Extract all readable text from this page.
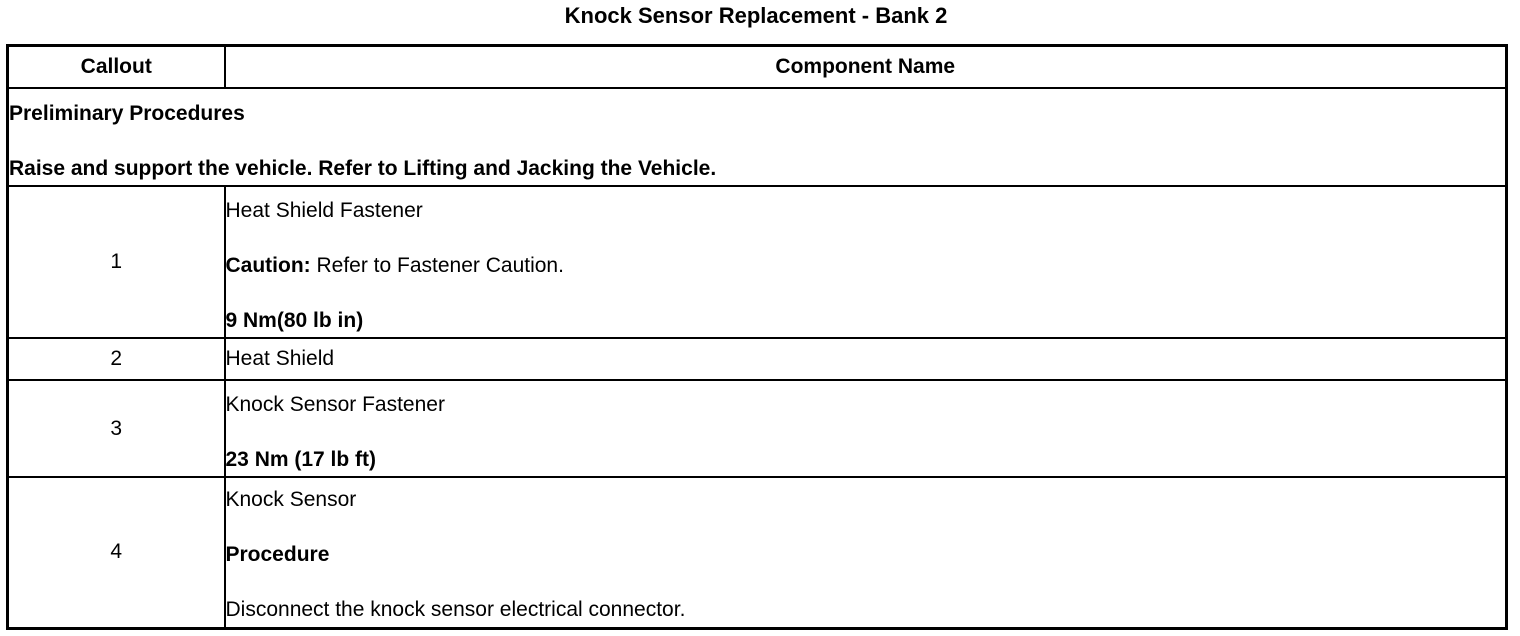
Knock Sensor Replacement - Bank 2
Callout	Component Name

Preliminary Procedures
Raise and support the vehicle. Refer to Lifting and Jacking the Vehicle.	

1	Heat Shield Fastener
Caution: Refer to Fastener Caution.
9 Nm(80 lb in)

2	Heat Shield

3	Knock Sensor Fastener
23 Nm (17 lb ft)

4	Knock Sensor
Procedure
Disconnect the knock sensor electrical connector.
